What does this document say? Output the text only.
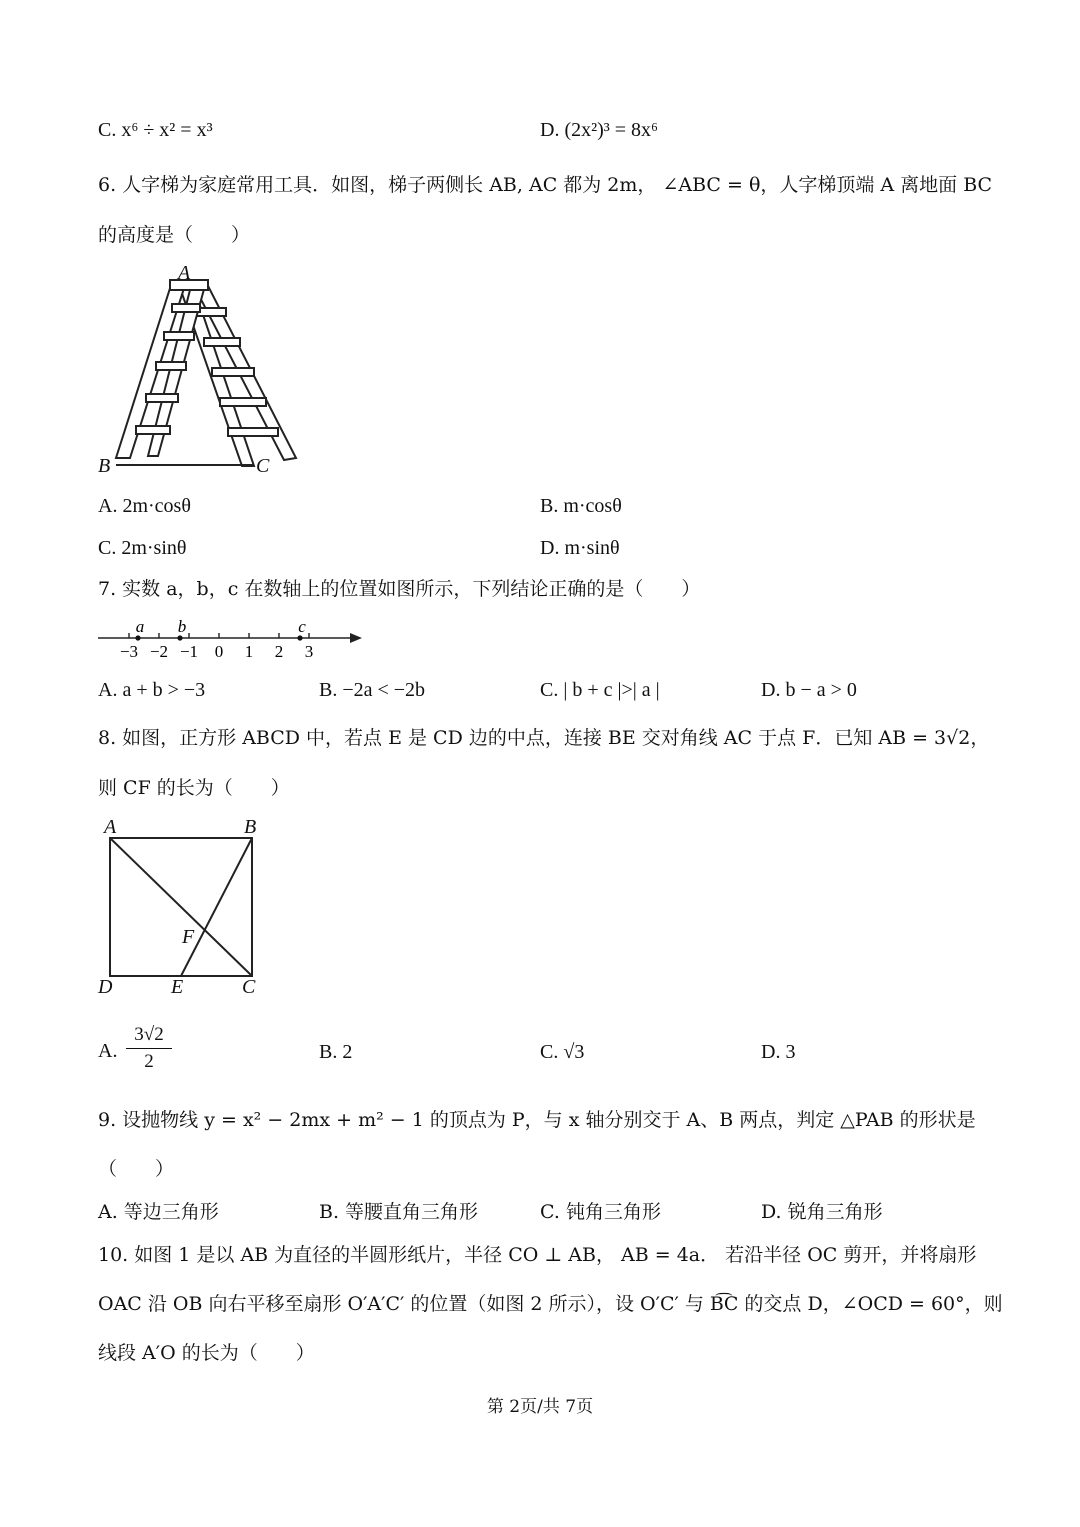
C. x⁶ ÷ x² = x³	D. (2x²)³ = 8x⁶
6. 人字梯为家庭常用工具．如图，梯子两侧长 AB, AC 都为 2m， ∠ABC = θ，人字梯顶端 A 离地面 BC
的高度是（　　）
A
B	C
A. 2m·cosθ	B. m·cosθ
C. 2m·sinθ	D. m·sinθ
7. 实数 a，b，c 在数轴上的位置如图所示，下列结论正确的是（　　）
−3 −2 −1 0 1 2 3
a b	c
A. a + b > −3	B. −2a < −2b	C. | b + c |>| a |	D. b − a > 0
8. 如图，正方形 ABCD 中，若点 E 是 CD 边的中点，连接 BE 交对角线 AC 于点 F．已知 AB = 3√2，
则 CF 的长为（　　）
A	B
D	E	C
F
A. $\frac{3√2}{2}$	B. 2	C. √3	D. 3
9. 设抛物线 y = x² − 2mx + m² − 1 的顶点为 P，与 x 轴分别交于 A、B 两点，判定 △PAB 的形状是
（　　）
A. 等边三角形	B. 等腰直角三角形	C. 钝角三角形	D. 锐角三角形
10. 如图 1 是以 AB 为直径的半圆形纸片，半径 CO ⊥ AB， AB = 4a． 若沿半径 OC 剪开，并将扇形
OAC 沿 OB 向右平移至扇形 O′A′C′ 的位置（如图 2 所示），设 O′C′ 与 B͡C 的交点 D，∠OCD = 60°，则
线段 A′O 的长为（　　）
第 2页/共 7页
